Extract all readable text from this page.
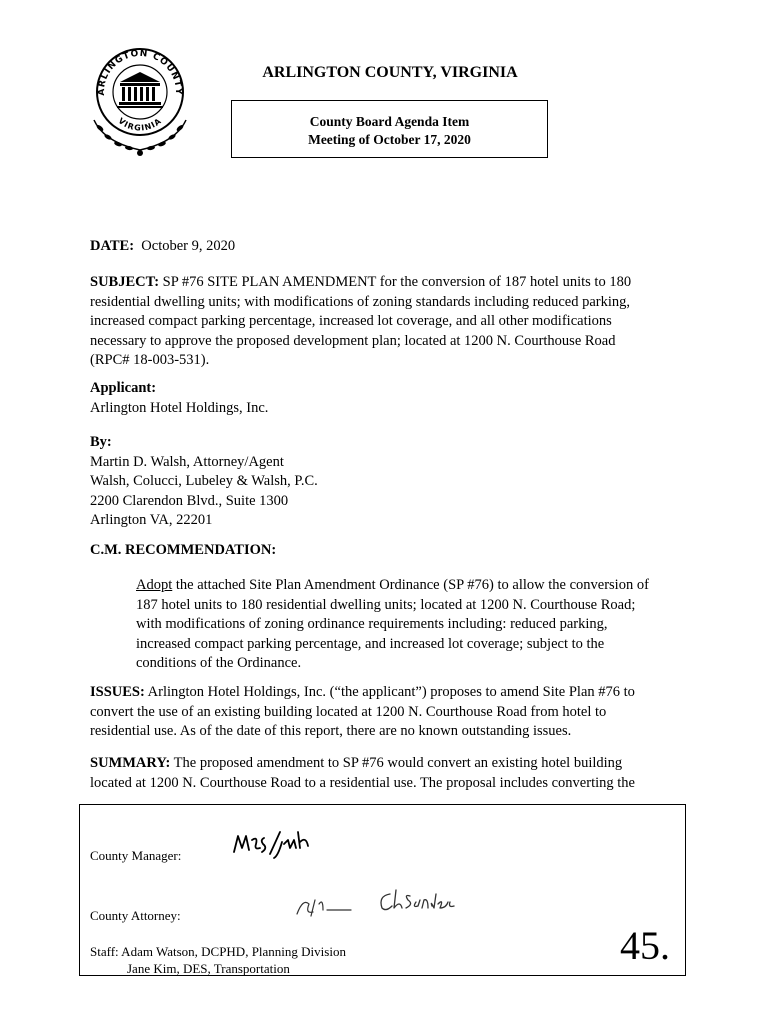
ARLINGTON COUNTY
VIRGINIA
ARLINGTON COUNTY, VIRGINIA
County Board Agenda Item
Meeting of October 17, 2020
DATE: October 9, 2020
SUBJECT: SP #76 SITE PLAN AMENDMENT for the conversion of 187 hotel units to 180
residential dwelling units; with modifications of zoning standards including reduced parking,
increased compact parking percentage, increased lot coverage, and all other modifications
necessary to approve the proposed development plan; located at 1200 N. Courthouse Road
(RPC# 18-003-531).
Applicant:
Arlington Hotel Holdings, Inc.
By:
Martin D. Walsh, Attorney/Agent
Walsh, Colucci, Lubeley & Walsh, P.C.
2200 Clarendon Blvd., Suite 1300
Arlington VA, 22201
C.M. RECOMMENDATION:
Adopt the attached Site Plan Amendment Ordinance (SP #76) to allow the conversion of
187 hotel units to 180 residential dwelling units; located at 1200 N. Courthouse Road;
with modifications of zoning ordinance requirements including: reduced parking,
increased compact parking percentage, and increased lot coverage; subject to the
conditions of the Ordinance.
ISSUES: Arlington Hotel Holdings, Inc. (“the applicant”) proposes to amend Site Plan #76 to
convert the use of an existing building located at 1200 N. Courthouse Road from hotel to
residential use. As of the date of this report, there are no known outstanding issues.
SUMMARY: The proposed amendment to SP #76 would convert an existing hotel building
located at 1200 N. Courthouse Road to a residential use. The proposal includes converting the
County Manager:
County Attorney:
Staff: Adam Watson, DCPHD, Planning Division
Jane Kim, DES, Transportation
45.
